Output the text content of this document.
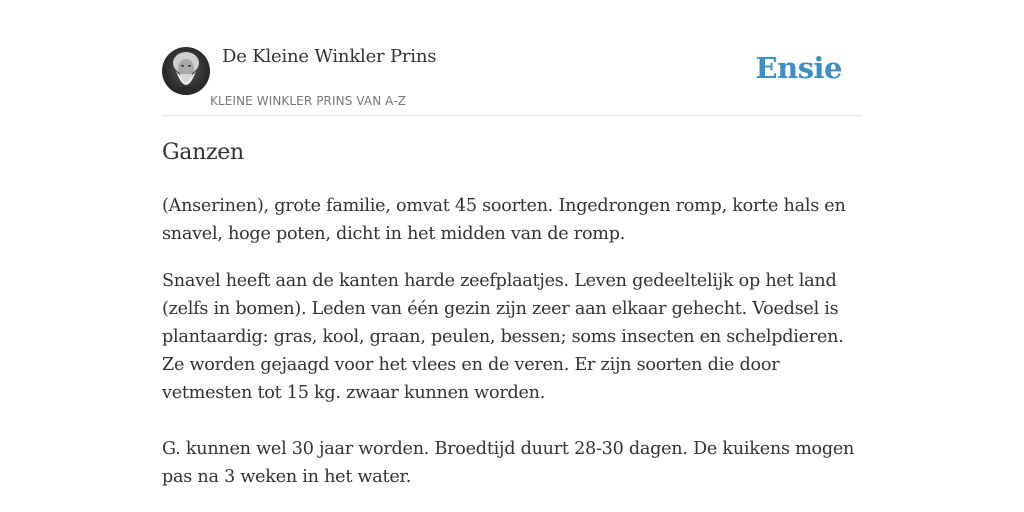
De Kleine Winkler Prins
KLEINE WINKLER PRINS VAN A-Z
Ensie
Ganzen

(Anserinen), grote familie, omvat 45 soorten. Ingedrongen romp, korte hals en snavel, hoge poten, dicht in het midden van de romp.

Snavel heeft aan de kanten harde zeefplaatjes. Leven gedeeltelijk op het land (zelfs in bomen). Leden van één gezin zijn zeer aan elkaar gehecht. Voedsel is plantaardig: gras, kool, graan, peulen, bessen; soms insecten en schelpdieren. Ze worden gejaagd voor het vlees en de veren. Er zijn soorten die door vetmesten tot 15 kg. zwaar kunnen worden.

G. kunnen wel 30 jaar worden. Broedtijd duurt 28-30 dagen. De kuikens mogen pas na 3 weken in het water.
